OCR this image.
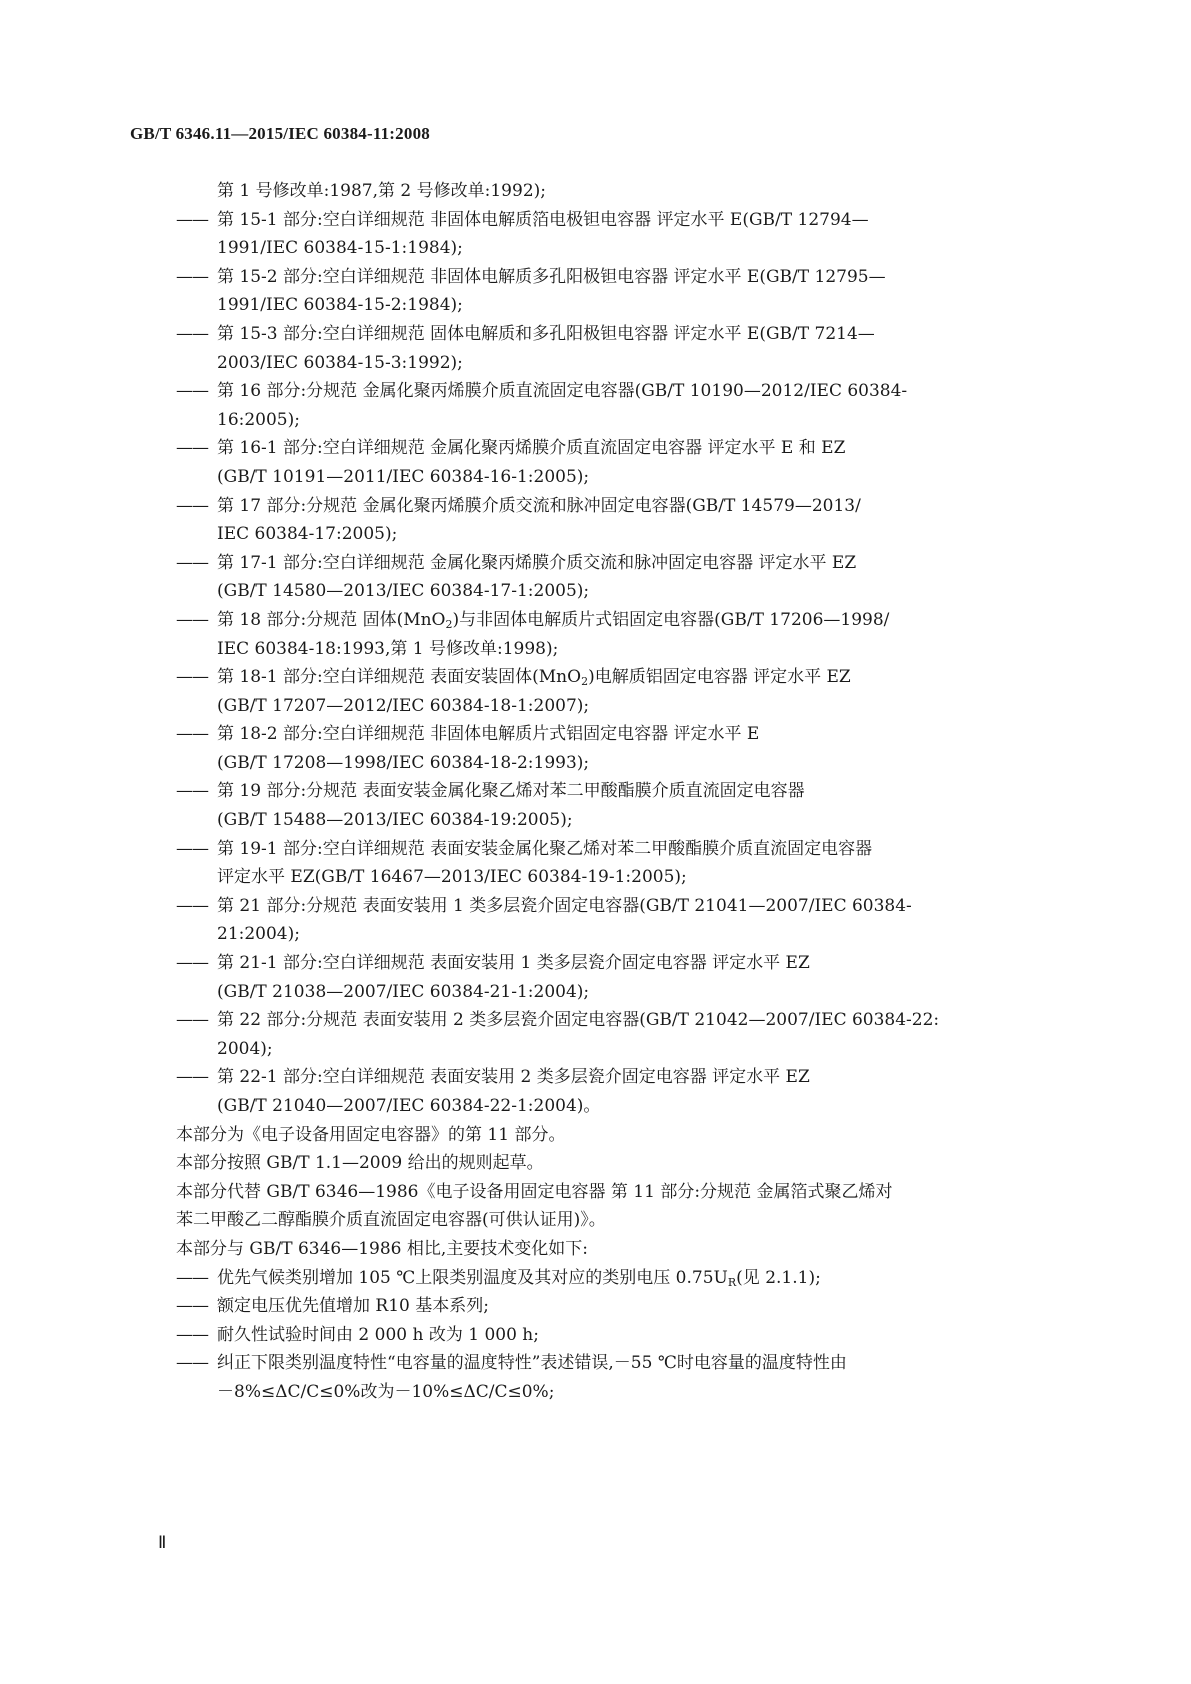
GB/T 6346.11—2015/IEC 60384-11:2008

第 1 号修改单:1987,第 2 号修改单:1992);

—— 第 15-1 部分:空白详细规范 非固体电解质箔电极钽电容器 评定水平 E(GB/T 12794—

1991/IEC 60384-15-1:1984);

—— 第 15-2 部分:空白详细规范 非固体电解质多孔阳极钽电容器 评定水平 E(GB/T 12795—

1991/IEC 60384-15-2:1984);

—— 第 15-3 部分:空白详细规范 固体电解质和多孔阳极钽电容器 评定水平 E(GB/T 7214—

2003/IEC 60384-15-3:1992);

—— 第 16 部分:分规范 金属化聚丙烯膜介质直流固定电容器(GB/T 10190—2012/IEC 60384-

16:2005);

—— 第 16-1 部分:空白详细规范 金属化聚丙烯膜介质直流固定电容器 评定水平 E 和 EZ

(GB/T 10191—2011/IEC 60384-16-1:2005);

—— 第 17 部分:分规范 金属化聚丙烯膜介质交流和脉冲固定电容器(GB/T 14579—2013/

IEC 60384-17:2005);

—— 第 17-1 部分:空白详细规范 金属化聚丙烯膜介质交流和脉冲固定电容器 评定水平 EZ

(GB/T 14580—2013/IEC 60384-17-1:2005);

—— 第 18 部分:分规范 固体(MnO$_2$)与非固体电解质片式铝固定电容器(GB/T 17206—1998/

IEC 60384-18:1993,第 1 号修改单:1998);

—— 第 18-1 部分:空白详细规范 表面安装固体(MnO$_2$)电解质铝固定电容器 评定水平 EZ

(GB/T 17207—2012/IEC 60384-18-1:2007);

—— 第 18-2 部分:空白详细规范 非固体电解质片式铝固定电容器 评定水平 E

(GB/T 17208—1998/IEC 60384-18-2:1993);

—— 第 19 部分:分规范 表面安装金属化聚乙烯对苯二甲酸酯膜介质直流固定电容器

(GB/T 15488—2013/IEC 60384-19:2005);

—— 第 19-1 部分:空白详细规范 表面安装金属化聚乙烯对苯二甲酸酯膜介质直流固定电容器

评定水平 EZ(GB/T 16467—2013/IEC 60384-19-1:2005);

—— 第 21 部分:分规范 表面安装用 1 类多层瓷介固定电容器(GB/T 21041—2007/IEC 60384-

21:2004);

—— 第 21-1 部分:空白详细规范 表面安装用 1 类多层瓷介固定电容器 评定水平 EZ

(GB/T 21038—2007/IEC 60384-21-1:2004);

—— 第 22 部分:分规范 表面安装用 2 类多层瓷介固定电容器(GB/T 21042—2007/IEC 60384-22:

2004);

—— 第 22-1 部分:空白详细规范 表面安装用 2 类多层瓷介固定电容器 评定水平 EZ

(GB/T 21040—2007/IEC 60384-22-1:2004)。

本部分为《电子设备用固定电容器》的第 11 部分。

本部分按照 GB/T 1.1—2009 给出的规则起草。

本部分代替 GB/T 6346—1986《电子设备用固定电容器 第 11 部分:分规范 金属箔式聚乙烯对

苯二甲酸乙二醇酯膜介质直流固定电容器(可供认证用)》。

本部分与 GB/T 6346—1986 相比,主要技术变化如下:

—— 优先气候类别增加 105 ℃上限类别温度及其对应的类别电压 $0.75U_R$(见 2.1.1);

—— 额定电压优先值增加 R10 基本系列;

—— 耐久性试验时间由 2 000 h 改为 1 000 h;

—— 纠正下限类别温度特性“电容量的温度特性”表述错误,－55 ℃时电容量的温度特性由

－8%≤ΔC/C≤0%改为－10%≤ΔC/C≤0%;

Ⅱ
